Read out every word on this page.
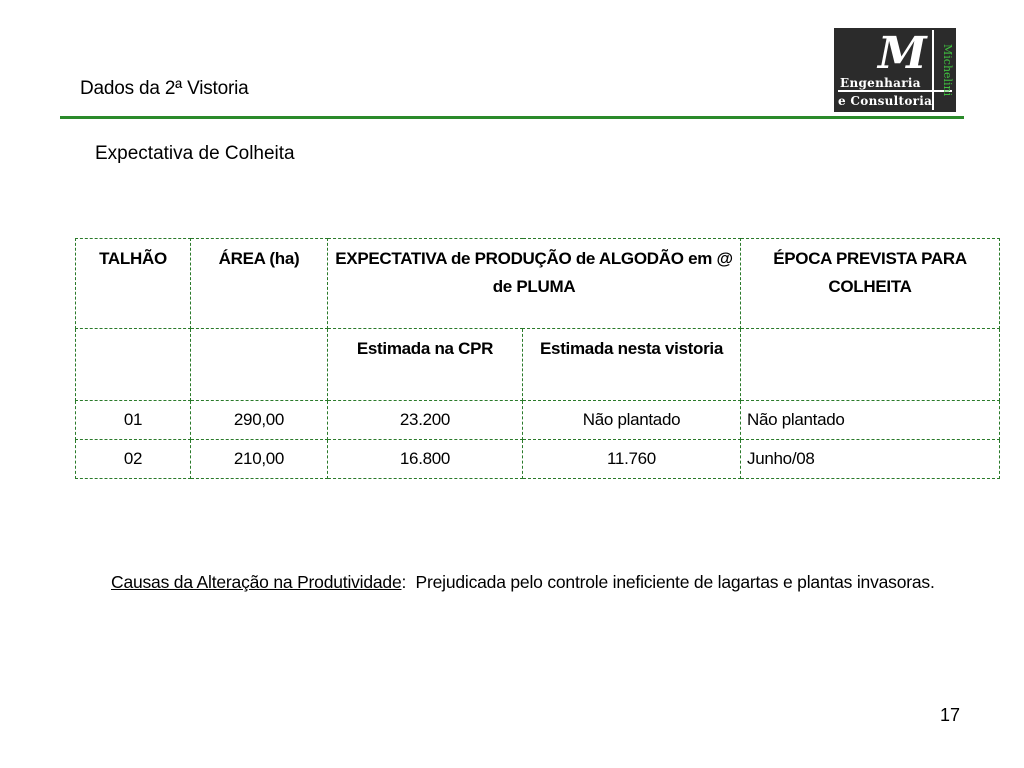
Dados da 2ª Vistoria
M	Michelini
Engenharia
e Consultoria
Expectativa de Colheita
TALHÃO	ÁREA (ha)	EXPECTATIVA de PRODUÇÃO de ALGODÃO em @ de PLUMA		ÉPOCA PREVISTA PARA COLHEITA
		Estimada na CPR	Estimada nesta vistoria	
01	290,00	23.200	Não plantado	Não plantado
02	210,00	16.800	11.760	Junho/08
Causas da Alteração na Produtividade: Prejudicada pelo controle ineficiente de lagartas e plantas invasoras.
17
